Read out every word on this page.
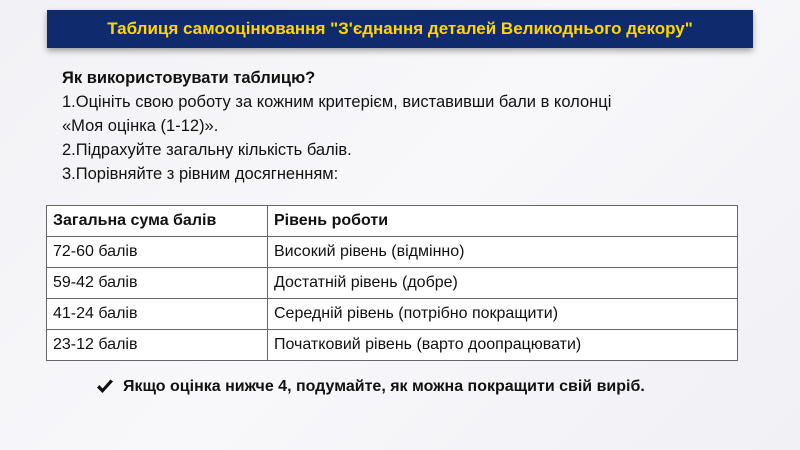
Таблиця самооцінювання "З'єднання деталей Великоднього декору"
Як використовувати таблицю?
1.Оцініть свою роботу за кожним критерієм, виставивши бали в колонці
«Моя оцінка (1-12)».
2.Підрахуйте загальну кількість балів.
3.Порівняйте з рівним досягненням:
Загальна сума балів	Рівень роботи
72-60 балів	Високий рівень (відмінно)
59-42 балів	Достатній рівень (добре)
41-24 балів	Середній рівень (потрібно покращити)
23-12 балів	Початковий рівень (варто доопрацювати)
Якщо оцінка нижче 4, подумайте, як можна покращити свій виріб.
